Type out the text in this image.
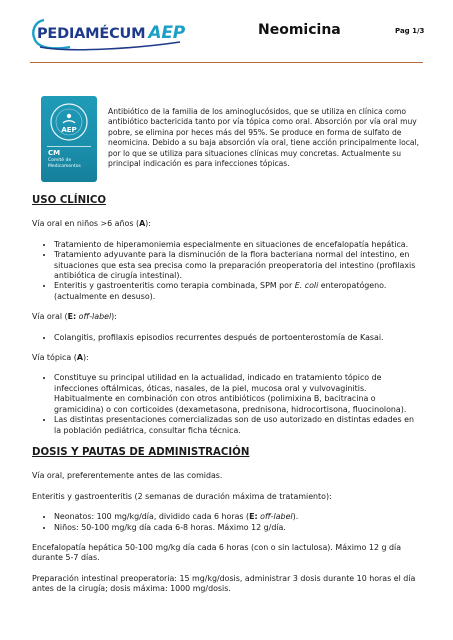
PEDIAMÉCUM AEP	Neomicina	Pag 1/3
AEP
CM
Comité de
Medicamentos
Antibiótico de la familia de los aminoglucósidos, que se utiliza en clínica como antibiótico bactericida tanto por vía tópica como oral. Absorción por vía oral muy pobre, se elimina por heces más del 95%. Se produce en forma de sulfato de neomicina. Debido a su baja absorción vía oral, tiene acción principalmente local, por lo que se utiliza para situaciones clínicas muy concretas. Actualmente su principal indicación es para infecciones tópicas.
USO CLÍNICO
Vía oral en niños >6 años (A):
• Tratamiento de hiperamoniemia especialmente en situaciones de encefalopatía hepática.
• Tratamiento adyuvante para la disminución de la flora bacteriana normal del intestino, en situaciones que esta sea precisa como la preparación preoperatoria del intestino (profilaxis antibiótica de cirugía intestinal).
• Enteritis y gastroenteritis como terapia combinada, SPM por E. coli enteropatógeno. (actualmente en desuso).
Vía oral (E: off-label):
• Colangitis, profilaxis episodios recurrentes después de portoenterostomía de Kasai.
Vía tópica (A):
• Constituye su principal utilidad en la actualidad, indicado en tratamiento tópico de infecciones oftálmicas, óticas, nasales, de la piel, mucosa oral y vulvovaginitis. Habitualmente en combinación con otros antibióticos (polimixina B, bacitracina o gramicidina) o con corticoides (dexametasona, prednisona, hidrocortisona, fluocinolona).
• Las distintas presentaciones comercializadas son de uso autorizado en distintas edades en la población pediátrica, consultar ficha técnica.
DOSIS Y PAUTAS DE ADMINISTRACIÓN
Vía oral, preferentemente antes de las comidas.
Enteritis y gastroenteritis (2 semanas de duración máxima de tratamiento):
• Neonatos: 100 mg/kg/día, dividido cada 6 horas (E: off-label).
• Niños: 50-100 mg/kg día cada 6-8 horas. Máximo 12 g/día.
Encefalopatía hepática 50-100 mg/kg día cada 6 horas (con o sin lactulosa). Máximo 12 g día durante 5-7 días.
Preparación intestinal preoperatoria: 15 mg/kg/dosis, administrar 3 dosis durante 10 horas el día antes de la cirugía; dosis máxima: 1000 mg/dosis.
